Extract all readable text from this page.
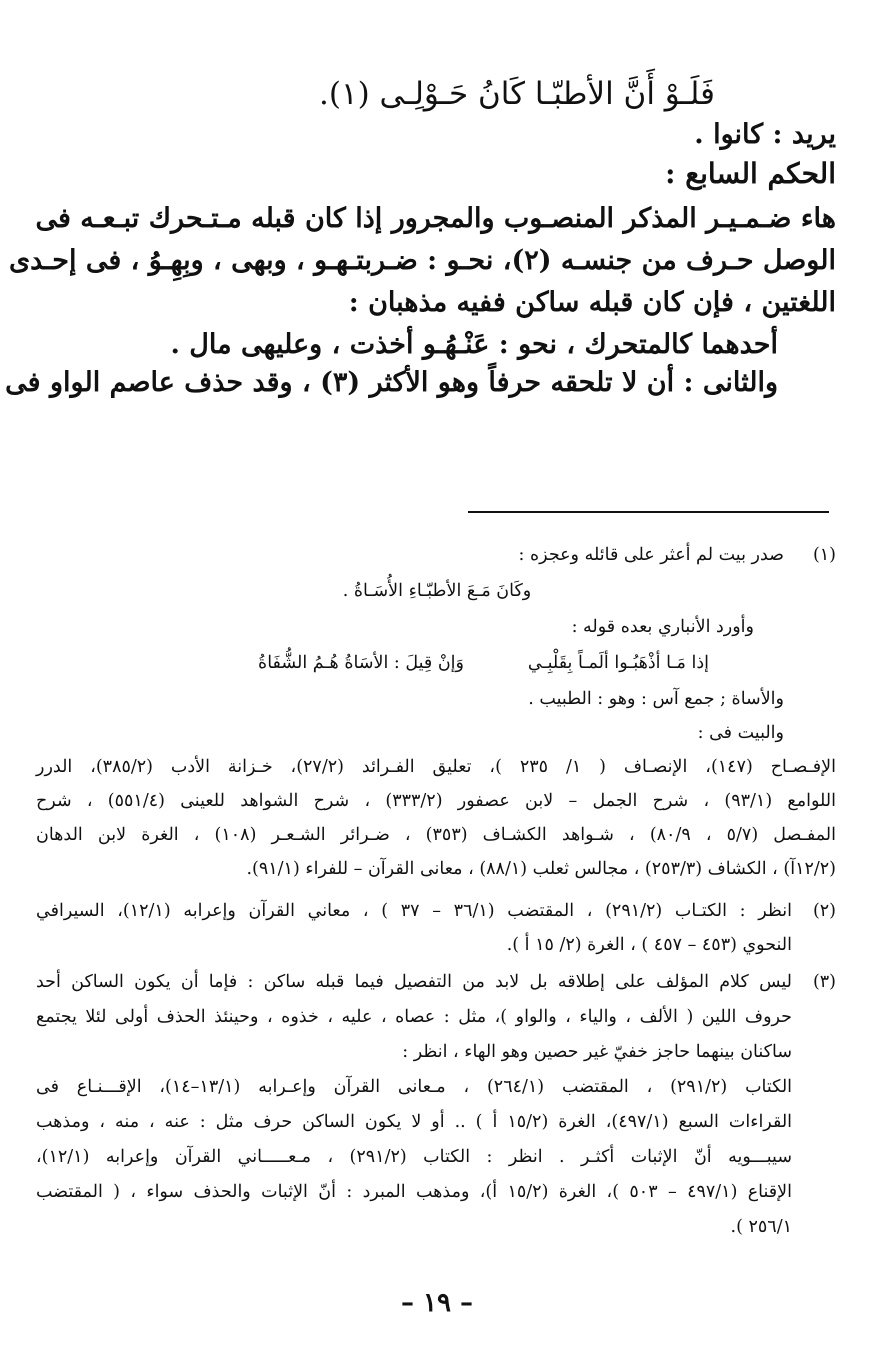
فَلَـوْ أَنَّ الأطبّـا كَانُ حَـوْلِـى (١).
يريد : كانوا .
الحكم السابع :
هاء ضـمـيـر المذكر المنصـوب والمجرور إذا كان قبله مـتـحرك تبـعـه فى
الوصل حـرف من جنسـه (٢)، نحـو : ضـربتـهـو ، وبهى ، وبِهِـوُ ، فى إحـدى
اللغتين ، فإن كان قبله ساكن ففيه مذهبان :
أحدهما كالمتحرك ، نحو : عَنْـهُـو أخذت ، وعليهى مال .
والثانى : أن لا تلحقه حرفاً وهو الأكثر (٣) ، وقد حذف عاصم الواو فى
(١)
صدر بيت لم أعثر على قائله وعجزه :
وكَانَ مَـعَ الأطبّـاءِ الأُسَـاةُ .
وأورد الأنباري بعده قوله :
إذا مَـا أذْهَبُـوا ألَمـاً بِقَلْبِـي
وَإنْ قِيلَ : الأسَاةُ هُـمُ الشُّفَاةُ
والأساة ; جمع آس : وهو : الطبيب .
والبيت فى :
الإفـصـاح (١٤٧)، الإنصـاف ( ١/ ٢٣٥ )، تعليق الفـرائد (٢٧/٢)، خـزانة الأدب (٣٨٥/٢)، الدرر
اللوامع (٩٣/١) ، شرح الجمل – لابن عصفور (٣٣٣/٢) ، شرح الشواهد للعينى (٥٥١/٤) ، شرح
المفـصل (٥/٧ ، ٨٠/٩) ، شـواهد الكشـاف (٣٥٣) ، ضـرائر الشـعـر (١٠٨) ، الغرة لابن الدهان
(١٢/٢آ) ، الكشاف (٢٥٣/٣) ، مجالس ثعلب (٨٨/١) ، معانى القرآن – للفراء (٩١/١).
(٢)
انظر : الكتـاب (٢٩١/٢) ، المقتضب (٣٦/١ – ٣٧ ) ، معاني القرآن وإعرابه (١٢/١)، السيرافي
النحوي (٤٥٣ – ٤٥٧ ) ، الغرة (٢/ ١٥ أ ).
(٣)
ليس كلام المؤلف على إطلاقه بل لابد من التفصيل فيما قبله ساكن : فإما أن يكون الساكن أحد
حروف اللين ( الألف ، والياء ، والواو )، مثل : عصاه ، عليه ، خذوه ، وحينئذ الحذف أولى لئلا يجتمع
ساكنان بينهما حاجز خفيّ غير حصين وهو الهاء ، انظر :
الكتاب (٢٩١/٢) ، المقتضب (٢٦٤/١) ، مـعانى القرآن وإعـرابه (١٣/١–١٤)، الإقـــنـاع فى
القراءات السبع (٤٩٧/١)، الغرة (١٥/٢ أ ) .. أو لا يكون الساكن حرف مثل : عنه ، منه ، ومذهب
سيبـــويه أنّ الإثبات أكثـر . انظر : الكتاب (٢٩١/٢) ، مـعـــــاني القرآن وإعرابه (١٢/١)،
الإقناع (٤٩٧/١ – ٥٠٣ )، الغرة (١٥/٢ أ)، ومذهب المبرد : أنّ الإثبات والحذف سواء ، ( المقتضب
٢٥٦/١ ).
– ١٩ –
